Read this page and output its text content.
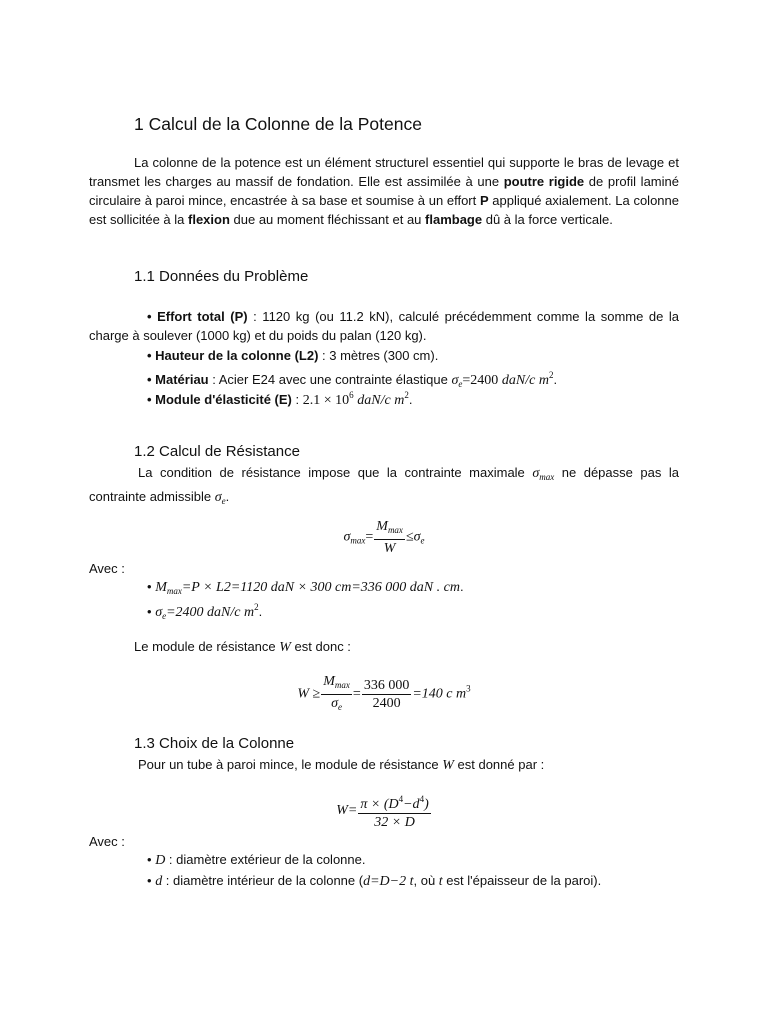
1 Calcul de la Colonne de la Potence

La colonne de la potence est un élément structurel essentiel qui supporte le bras de levage et transmet les charges au massif de fondation. Elle est assimilée à une poutre rigide de profil laminé circulaire à paroi mince, encastrée à sa base et soumise à un effort P appliqué axialement. La colonne est sollicitée à la flexion due au moment fléchissant et au flambage dû à la force verticale.

1.1 Données du Problème

• Effort total (P) : 1120 kg (ou 11.2 kN), calculé précédemment comme la somme de la charge à soulever (1000 kg) et du poids du palan (120 kg).

• Hauteur de la colonne (L2) : 3 mètres (300 cm).
• Matériau : Acier E24 avec une contrainte élastique $\sigma_e=2400$ daN/c $m^2$.
• Module d'élasticité (E) : $2.1 \times 10^6$ daN/c $m^2$.
1.2 Calcul de Résistance

La condition de résistance impose que la contrainte maximale $\sigma_{max}$ ne dépasse pas la contrainte admissible $\sigma_e$.

$\sigma_{max}= \frac{M_{max}}{W} \le\sigma_e$
Avec :
• $M_{max}=P \times L2=1120$ daN × 300 cm=336 000 daN . cm.
• $\sigma_e=2400$ daN/c $m^2$.
Le module de résistance W est donc :
$W \ge \frac{M_{max}}{\sigma_e} = \frac{336 000}{2400} =140$ c $m^3$
1.3 Choix de la Colonne
Pour un tube à paroi mince, le module de résistance W est donné par :
$W= \frac{\pi \times (D^4-d^4)}{32 \times D}$
Avec :
• D : diamètre extérieur de la colonne.
• d : diamètre intérieur de la colonne (d=D−2 t, où t est l'épaisseur de la paroi).
